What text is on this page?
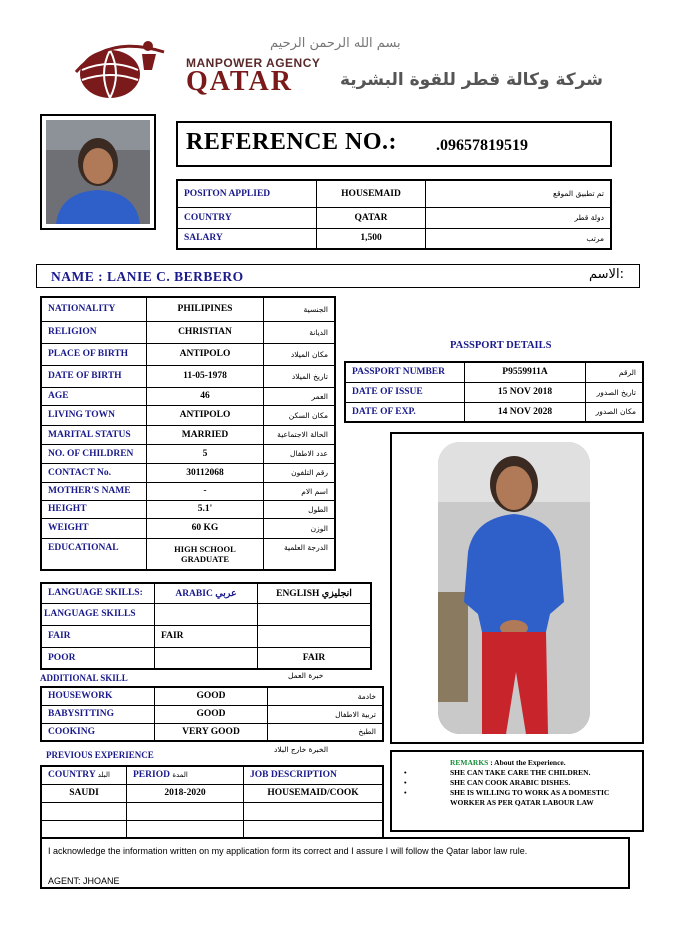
بسم الله الرحمن الرحيم
MANPOWER AGENCY
QATAR	شركة وكالة قطر للقوة البشرية
REFERENCE NO.: .09657819519
POSITON APPLIED	HOUSEMAID	تم تطبيق الموقع
COUNTRY	QATAR	دولة قطر
SALARY	1,500	مرتب
NAME : LANIE C. BERBERO	الاسم:
NATIONALITY	PHILIPINES	الجنسية
RELIGION	CHRISTIAN	الديانة
PLACE OF BIRTH	ANTIPOLO	مكان الميلاد
DATE OF BIRTH	11-05-1978	تاريخ الميلاد
AGE	46	العمر
LIVING TOWN	ANTIPOLO	مكان السكن
MARITAL STATUS	MARRIED	الحالة الاجتماعية
NO. OF CHILDREN	5	عدد الاطفال
CONTACT No.	30112068	رقم التلفون
MOTHER'S NAME	-	اسم الام
HEIGHT	5.1'	الطول
WEIGHT	60 KG	الوزن
EDUCATIONAL	HIGH SCHOOL GRADUATE	الدرجة العلمية
PASSPORT DETAILS
PASSPORT NUMBER	P9559911A	الرقم
DATE OF ISSUE	15 NOV 2018	تاريخ الصدور
DATE OF EXP.	14 NOV 2028	مكان الصدور
LANGUAGE SKILLS:	ARABIC عربي	ENGLISH انجليزي
LANGUAGE SKILLS		
FAIR	FAIR	
POOR		FAIR
ADDITIONAL SKILL	خبرة العمل
HOUSEWORK	GOOD	خادمة
BABYSITTING	GOOD	تربية الاطفال
COOKING	VERY GOOD	الطبخ
PREVIOUS EXPERIENCE
الخبرة خارج البلاد
COUNTRY البلد	PERIOD المدة	JOB DESCRIPTION
SAUDI	2018-2020	HOUSEMAID/COOK

REMARKS : About the Experience.
• SHE CAN TAKE CARE THE CHILDREN.
• SHE CAN COOK ARABIC DISHES.
• SHE IS WILLING TO WORK AS A DOMESTIC WORKER AS PER QATAR LABOUR LAW
I acknowledge the information written on my application form its correct and I assure I will follow the Qatar labor law rule.
AGENT: JHOANE
